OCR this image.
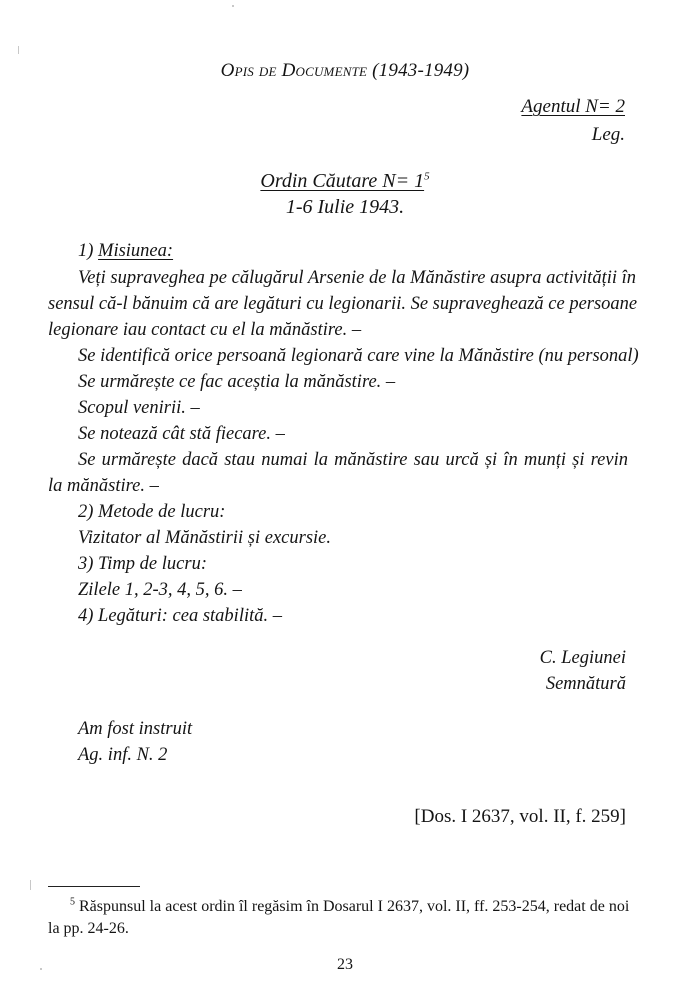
Opis de Documente (1943-1949)
Agentul N= 2
Leg.
Ordin Căutare $N= 1^5$
1-6 Iulie 1943.
1) Misiunea:
Veți supraveghea pe călugărul Arsenie de la Mănăstire asupra activității în
sensul că-l bănuim că are legături cu legionarii. Se supraveghează ce persoane
legionare iau contact cu el la mănăstire. –
Se identifică orice persoană legionară care vine la Mănăstire (nu personal)
Se urmărește ce fac aceștia la mănăstire. –
Scopul venirii. –
Se notează cât stă fiecare. –
Se urmărește dacă stau numai la mănăstire sau urcă și în munți și revin
la mănăstire. –
2) Metode de lucru:
Vizitator al Mănăstirii și excursie.
3) Timp de lucru:
Zilele 1, 2-3, 4, 5, 6. –
4) Legături: cea stabilită. –
C. Legiunei
Semnătură
Am fost instruit
Ag. inf. N. 2
[Dos. I 2637, vol. II, f. 259]
$^5$ Răspunsul la acest ordin îl regăsim în Dosarul I 2637, vol. II, ff. 253-254, redat de noi la pp. 24-26.
23
